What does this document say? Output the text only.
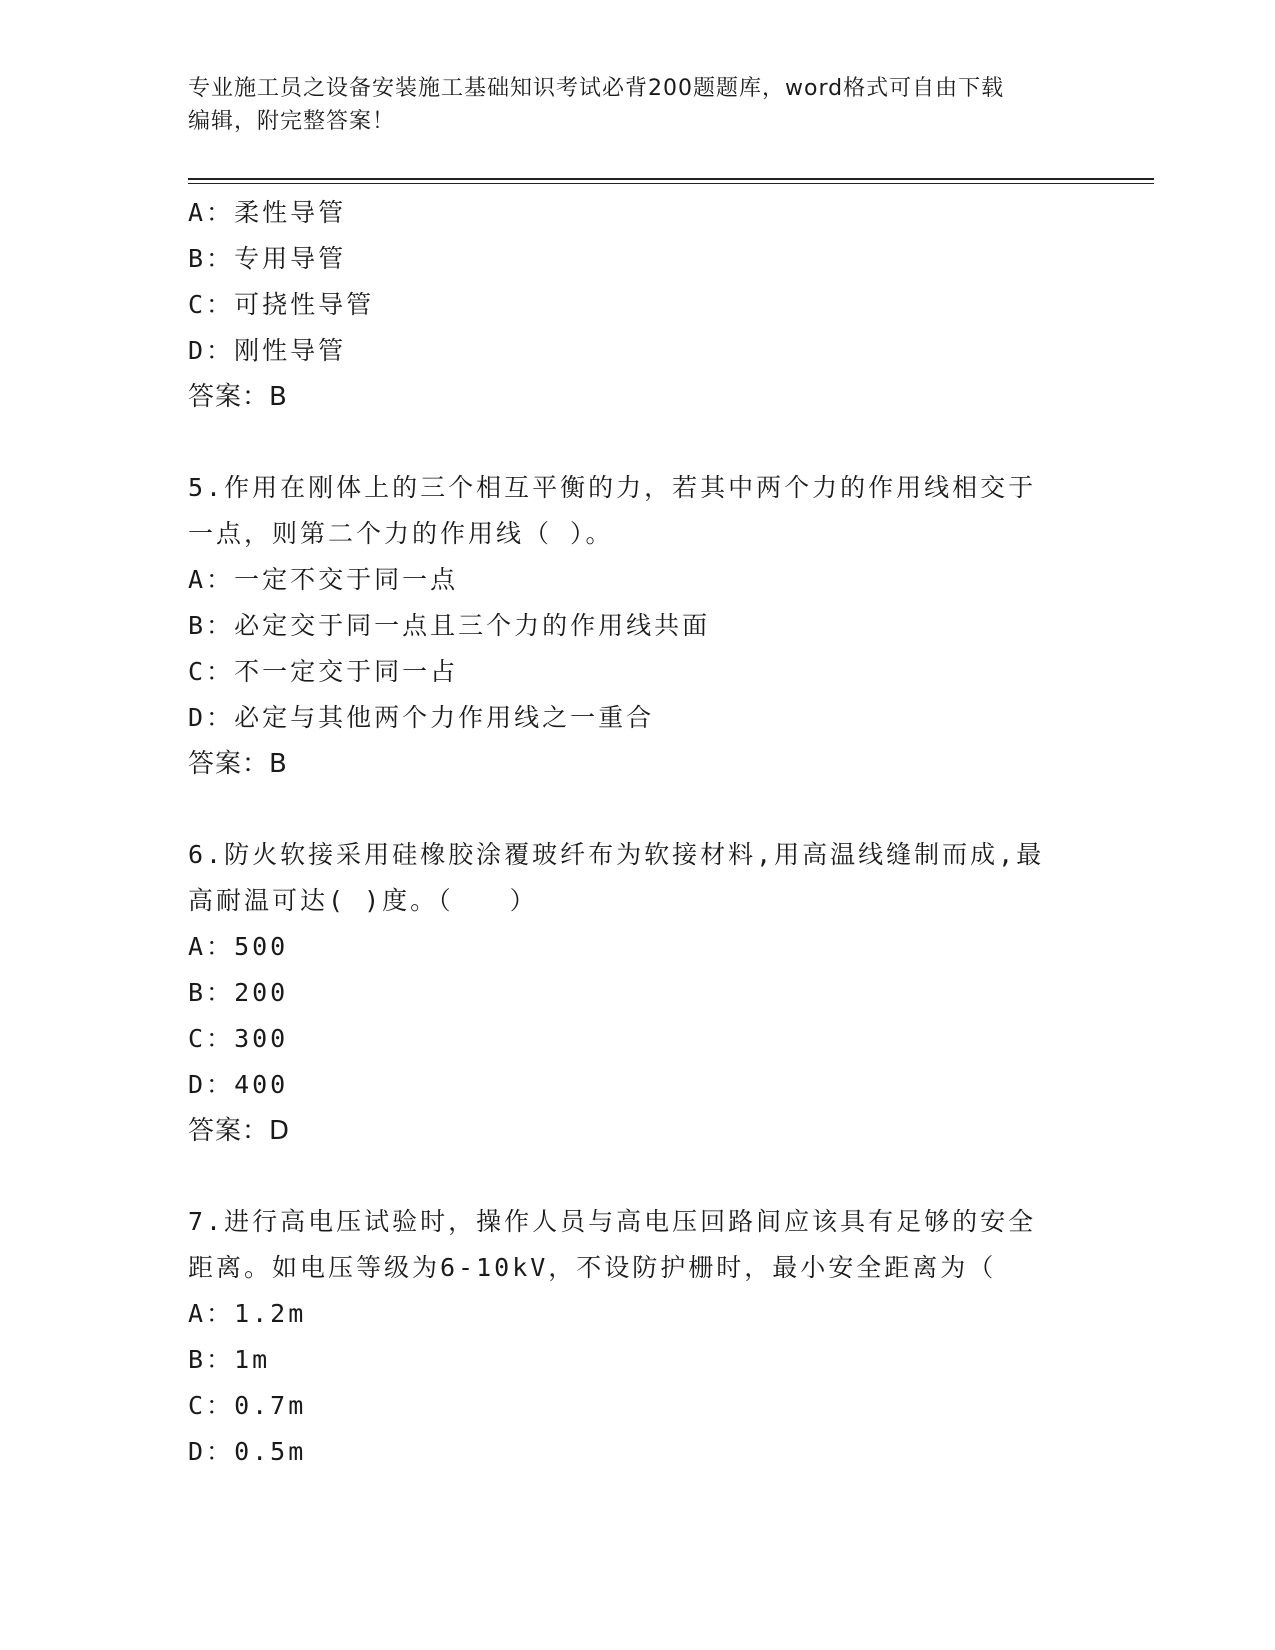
专业施工员之设备安装施工基础知识考试必背200题题库，word格式可自由下载
编辑，附完整答案！
A：柔性导管
B：专用导管
C：可挠性导管
D：刚性导管
答案：B
5.作用在刚体上的三个相互平衡的力，若其中两个力的作用线相交于
一点，则第二个力的作用线（ ）。
A：一定不交于同一点
B：必定交于同一点且三个力的作用线共面
C：不一定交于同一占
D：必定与其他两个力作用线之一重合
答案：B
6.防火软接采用硅橡胶涂覆玻纤布为软接材料,用高温线缝制而成,最
高耐温可达( )度。（　　）
A：500
B：200
C：300
D：400
答案：D
7.进行高电压试验时，操作人员与高电压回路间应该具有足够的安全
距离。如电压等级为6-10kV，不设防护栅时，最小安全距离为（
A：1.2m
B：1m
C：0.7m
D：0.5m
